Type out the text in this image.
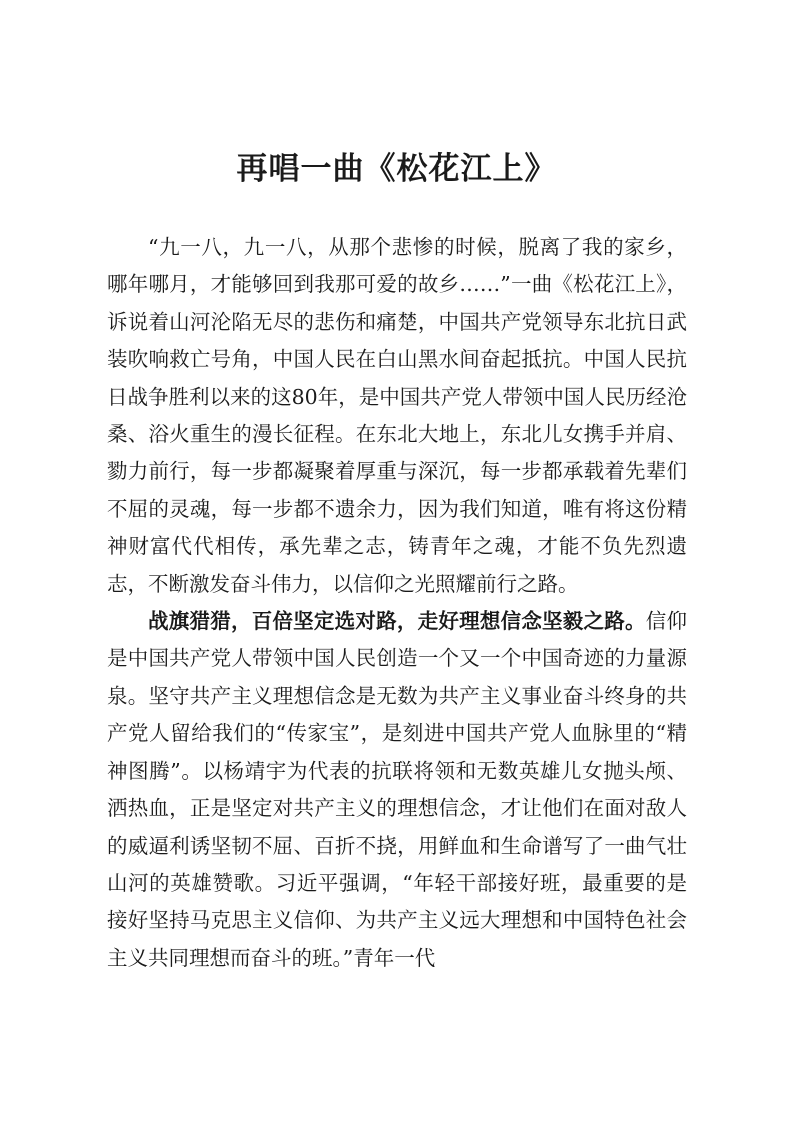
再唱一曲《松花江上》

“九一八，九一八，从那个悲惨的时候，脱离了我的家乡，哪年哪月，才能够回到我那可爱的故乡……”一曲《松花江上》，诉说着山河沦陷无尽的悲伤和痛楚，中国共产党领导东北抗日武装吹响救亡号角，中国人民在白山黑水间奋起抵抗。中国人民抗日战争胜利以来的这80年，是中国共产党人带领中国人民历经沧桑、浴火重生的漫长征程。在东北大地上，东北儿女携手并肩、勠力前行，每一步都凝聚着厚重与深沉，每一步都承载着先辈们不屈的灵魂，每一步都不遗余力，因为我们知道，唯有将这份精神财富代代相传，承先辈之志，铸青年之魂，才能不负先烈遗志，不断激发奋斗伟力，以信仰之光照耀前行之路。

战旗猎猎，百倍坚定选对路，走好理想信念坚毅之路。信仰是中国共产党人带领中国人民创造一个又一个中国奇迹的力量源泉。坚守共产主义理想信念是无数为共产主义事业奋斗终身的共产党人留给我们的“传家宝”，是刻进中国共产党人血脉里的“精神图腾”。以杨靖宇为代表的抗联将领和无数英雄儿女抛头颅、洒热血，正是坚定对共产主义的理想信念，才让他们在面对敌人的威逼利诱坚韧不屈、百折不挠，用鲜血和生命谱写了一曲气壮山河的英雄赞歌。习近平强调，“年轻干部接好班，最重要的是接好坚持马克思主义信仰、为共产主义远大理想和中国特色社会主义共同理想而奋斗的班。”青年一代
